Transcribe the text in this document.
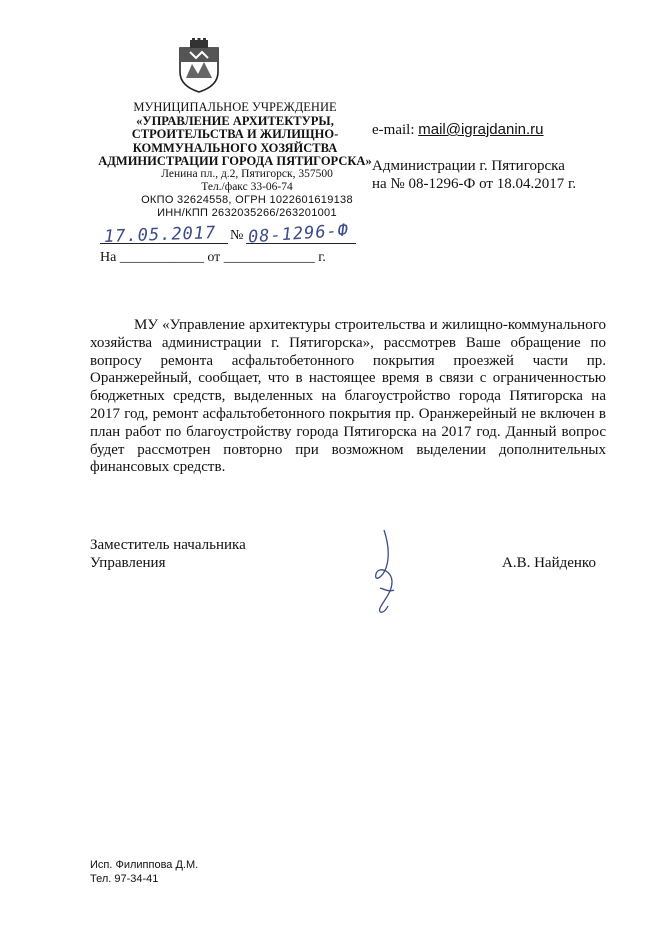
МУНИЦИПАЛЬНОЕ УЧРЕЖДЕНИЕ
«УПРАВЛЕНИЕ АРХИТЕКТУРЫ,
СТРОИТЕЛЬСТВА И ЖИЛИЩНО-
КОММУНАЛЬНОГО ХОЗЯЙСТВА
АДМИНИСТРАЦИИ ГОРОДА ПЯТИГОРСКА»
Ленина пл., д.2, Пятигорск, 357500
Тел./факс 33-06-74
ОКПО 32624558, ОГРН 1022601619138
ИНН/КПП 2632035266/263201001
17.05.2017 № 08-1296-Ф
На ____________ от _____________ г.
e-mail: mail@igrajdanin.ru
Администрации г. Пятигорска
на № 08-1296-Ф от 18.04.2017 г.

МУ «Управление архитектуры строительства и жилищно-коммунального хозяйства администрации г. Пятигорска», рассмотрев Ваше обращение по вопросу ремонта асфальтобетонного покрытия проезжей части пр. Оранжерейный, сообщает, что в настоящее время в связи с ограниченностью бюджетных средств, выделенных на благоустройство города Пятигорска на 2017 год, ремонт асфальтобетонного покрытия пр. Оранжерейный не включен в план работ по благоустройству города Пятигорска на 2017 год. Данный вопрос будет рассмотрен повторно при возможном выделении дополнительных финансовых средств.

Заместитель начальника
Управления	А.В. Найденко
Исп. Филиппова Д.М.
Тел. 97-34-41
